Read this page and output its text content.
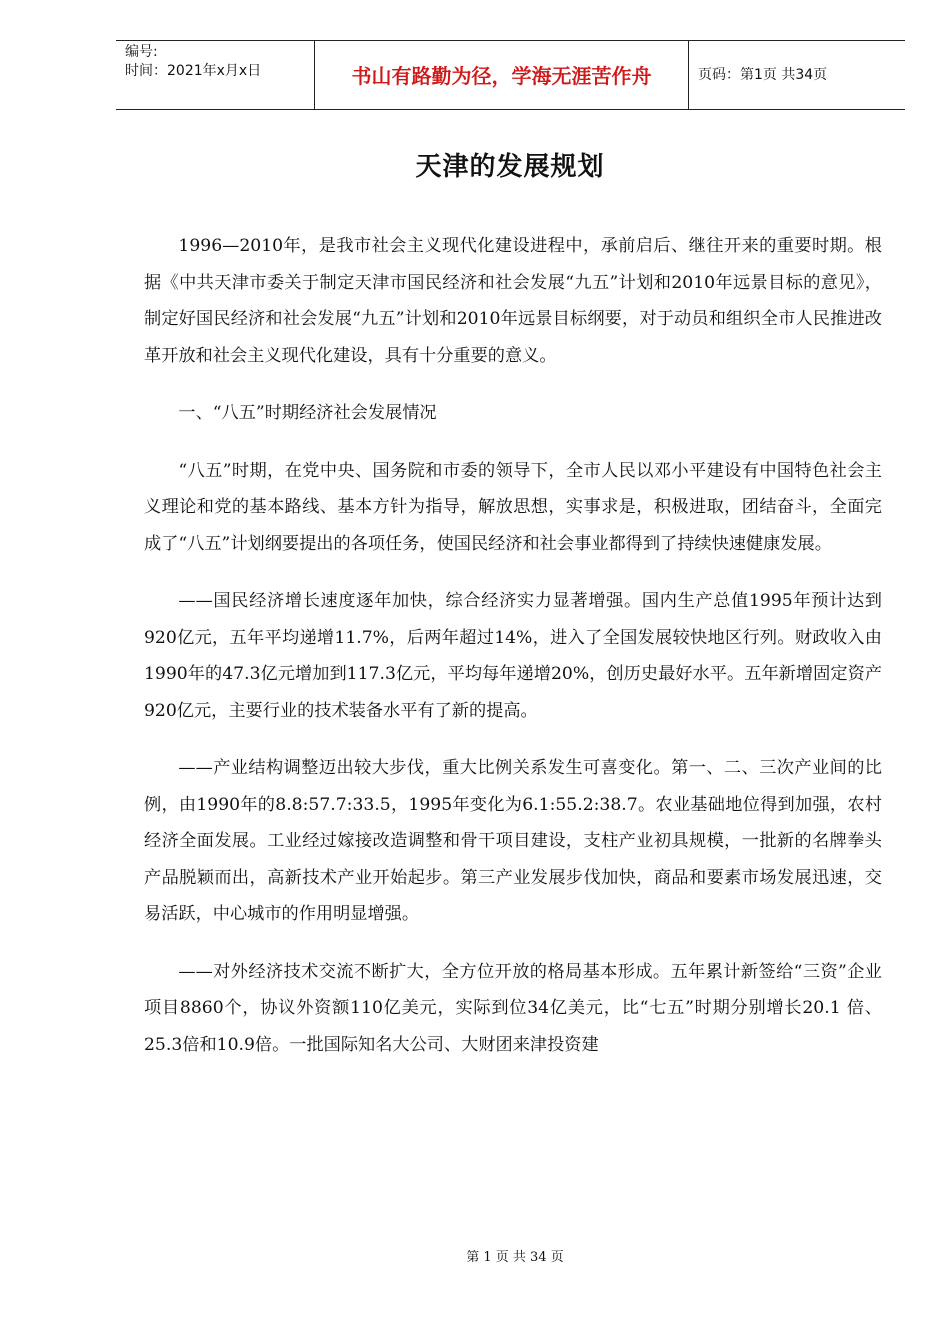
编号:
时间：2021年x月x日	书山有路勤为径，学海无涯苦作舟	页码：第1页 共34页
天津的发展规划

1996—2010年，是我市社会主义现代化建设进程中，承前启后、继往开来的重要时期。根据《中共天津市委关于制定天津市国民经济和社会发展“九五”计划和2010年远景目标的意见》，制定好国民经济和社会发展“九五”计划和2010年远景目标纲要，对于动员和组织全市人民推进改革开放和社会主义现代化建设，具有十分重要的意义。

一、“八五”时期经济社会发展情况

“八五”时期，在党中央、国务院和市委的领导下，全市人民以邓小平建设有中国特色社会主义理论和党的基本路线、基本方针为指导，解放思想，实事求是，积极进取，团结奋斗，全面完成了“八五”计划纲要提出的各项任务，使国民经济和社会事业都得到了持续快速健康发展。

——国民经济增长速度逐年加快，综合经济实力显著增强。国内生产总值1995年预计达到920亿元，五年平均递增11.7%，后两年超过14%，进入了全国发展较快地区行列。财政收入由1990年的47.3亿元增加到117.3亿元，平均每年递增20%，创历史最好水平。五年新增固定资产920亿元，主要行业的技术装备水平有了新的提高。

——产业结构调整迈出较大步伐，重大比例关系发生可喜变化。第一、二、三次产业间的比例，由1990年的8.8:57.7:33.5，1995年变化为6.1:55.2:38.7。农业基础地位得到加强，农村经济全面发展。工业经过嫁接改造调整和骨干项目建设，支柱产业初具规模，一批新的名牌拳头产品脱颖而出，高新技术产业开始起步。第三产业发展步伐加快，商品和要素市场发展迅速，交易活跃，中心城市的作用明显增强。

——对外经济技术交流不断扩大，全方位开放的格局基本形成。五年累计新签给“三资”企业项目8860个，协议外资额110亿美元，实际到位34亿美元，比“七五”时期分别增长20.1 倍、25.3倍和10.9倍。一批国际知名大公司、大财团来津投资建

第 1 页 共 34 页
